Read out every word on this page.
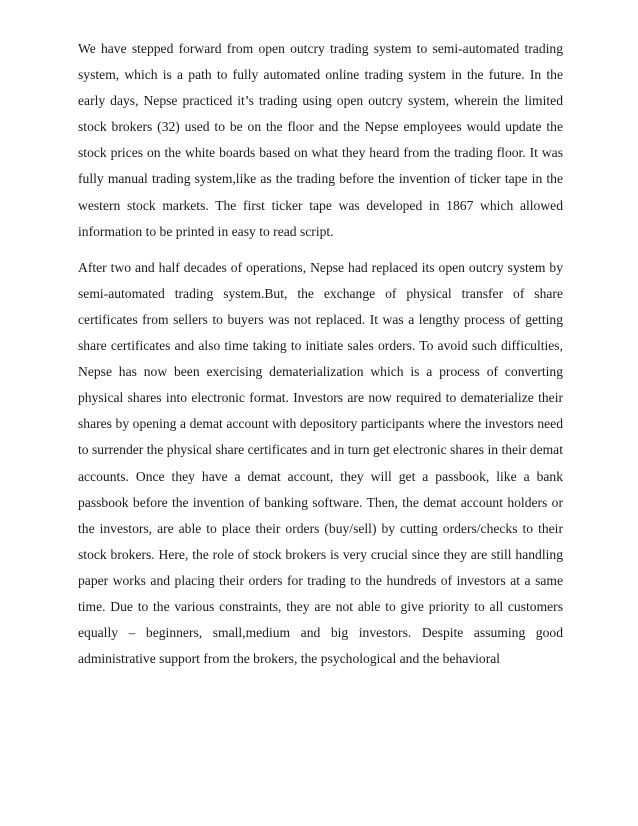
We have stepped forward from open outcry trading system to semi-automated trading system, which is a path to fully automated online trading system in the future. In the early days, Nepse practiced it’s trading using open outcry system, wherein the limited stock brokers (32) used to be on the floor and the Nepse employees would update the stock prices on the white boards based on what they heard from the trading floor. It was fully manual trading system,like as the trading before the invention of ticker tape in the western stock markets. The first ticker tape was developed in 1867 which allowed information to be printed in easy to read script.

After two and half decades of operations, Nepse had replaced its open outcry system by semi-automated trading system.But, the exchange of physical transfer of share certificates from sellers to buyers was not replaced. It was a lengthy process of getting share certificates and also time taking to initiate sales orders. To avoid such difficulties, Nepse has now been exercising dematerialization which is a process of converting physical shares into electronic format. Investors are now required to dematerialize their shares by opening a demat account with depository participants where the investors need to surrender the physical share certificates and in turn get electronic shares in their demat accounts. Once they have a demat account, they will get a passbook, like a bank passbook before the invention of banking software. Then, the demat account holders or the investors, are able to place their orders (buy/sell) by cutting orders/checks to their stock brokers. Here, the role of stock brokers is very crucial since they are still handling paper works and placing their orders for trading to the hundreds of investors at a same time. Due to the various constraints, they are not able to give priority to all customers equally – beginners, small,medium and big investors. Despite assuming good administrative support from the brokers, the psychological and the behavioral
